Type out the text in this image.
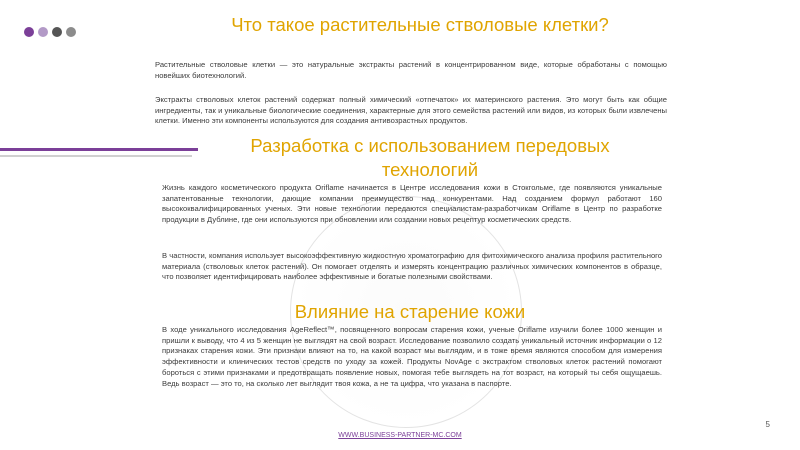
Что такое растительные стволовые клетки?

Растительные стволовые клетки — это натуральные экстракты растений в концентрированном виде, которые обработаны с помощью новейших биотехнологий.

Экстракты стволовых клеток растений содержат полный химический «отпечаток» их материнского растения. Это могут быть как общие ингредиенты, так и уникальные биологические соединения, характерные для этого семейства растений или видов, из которых были извлечены клетки. Именно эти компоненты используются для создания антивозрастных продуктов.

Разработка с использованием передовых технологий

Жизнь каждого косметического продукта Oriflame начинается в Центре исследования кожи в Стокгольме, где появляются уникальные запатентованные технологии, дающие компании преимущество над конкурентами. Над созданием формул работают 160 высококвалифицированных ученых. Эти новые технологии передаются специалистам-разработчикам Oriflame в Центр по разработке продукции в Дублине, где они используются при обновлении или создании новых рецептур косметических средств.

В частности, компания использует высокоэффективную жидкостную хроматографию для фитохимического анализа профиля растительного материала (стволовых клеток растений). Он помогает отделять и измерять концентрацию различных химических компонентов в образце, что позволяет идентифицировать наиболее эффективные и богатые полезными свойствами.

Влияние на старение кожи

В ходе уникального исследования AgeReflect™, посвященного вопросам старения кожи, ученые Oriflame изучили более 1000 женщин и пришли к выводу, что 4 из 5 женщин не выглядят на свой возраст. Исследование позволило создать уникальный источник информации о 12 признаках старения кожи. Эти признаки влияют на то, на какой возраст мы выглядим, и в тоже время являются способом для измерения эффективности и клинических тестов средств по уходу за кожей. Продукты NovAge с экстрактом стволовых клеток растений помогают бороться с этими признаками и предотвращать появление новых, помогая тебе выглядеть на тот возраст, на который ты себя ощущаешь. Ведь возраст — это то, на сколько лет выглядит твоя кожа, а не та цифра, что указана в паспорте.

5
WWW.BUSINESS-PARTNER-MC.COM
